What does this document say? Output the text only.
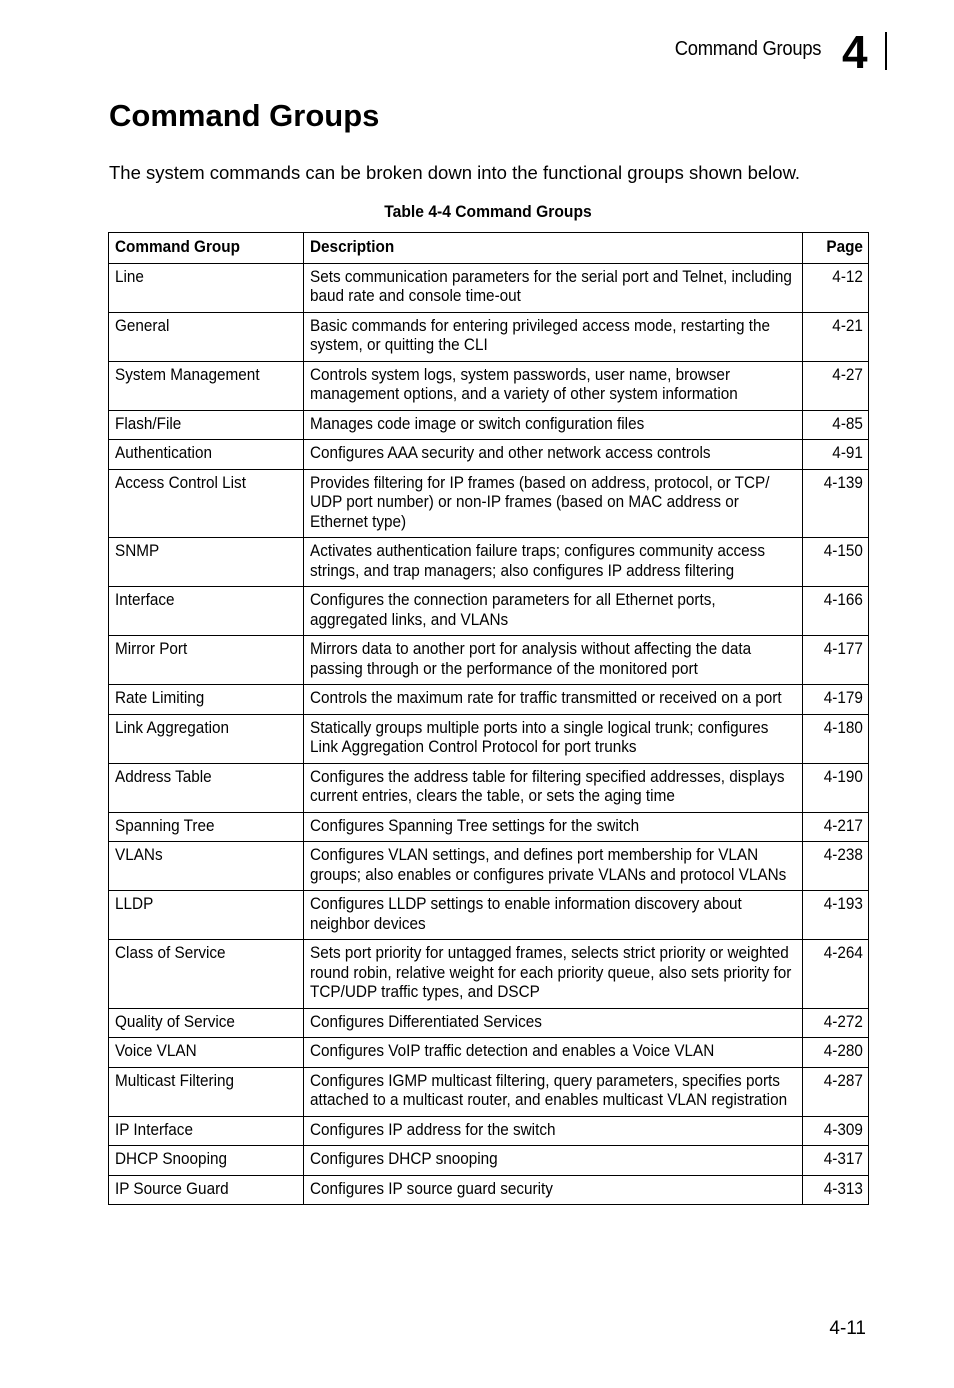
Command Groups 4
Command Groups

The system commands can be broken down into the functional groups shown below.

Table 4-4 Command Groups
Command Group	Description	Page

Line	Sets communication parameters for the serial port and Telnet, including baud rate and console time-out	4-12

General	Basic commands for entering privileged access mode, restarting the system, or quitting the CLI	4-21

System Management	Controls system logs, system passwords, user name, browser management options, and a variety of other system information	4-27

Flash/File	Manages code image or switch configuration files	4-85

Authentication	Configures AAA security and other network access controls	4-91

Access Control List	Provides filtering for IP frames (based on address, protocol, or TCP/ UDP port number) or non-IP frames (based on MAC address or Ethernet type)	4-139

SNMP	Activates authentication failure traps; configures community access strings, and trap managers; also configures IP address filtering	4-150

Interface	Configures the connection parameters for all Ethernet ports, aggregated links, and VLANs	4-166

Mirror Port	Mirrors data to another port for analysis without affecting the data passing through or the performance of the monitored port	4-177

Rate Limiting	Controls the maximum rate for traffic transmitted or received on a port	4-179

Link Aggregation	Statically groups multiple ports into a single logical trunk; configures Link Aggregation Control Protocol for port trunks	4-180

Address Table	Configures the address table for filtering specified addresses, displays current entries, clears the table, or sets the aging time	4-190

Spanning Tree	Configures Spanning Tree settings for the switch	4-217

VLANs	Configures VLAN settings, and defines port membership for VLAN groups; also enables or configures private VLANs and protocol VLANs	4-238

LLDP	Configures LLDP settings to enable information discovery about neighbor devices	4-193

Class of Service	Sets port priority for untagged frames, selects strict priority or weighted round robin, relative weight for each priority queue, also sets priority for TCP/UDP traffic types, and DSCP	4-264

Quality of Service	Configures Differentiated Services	4-272

Voice VLAN	Configures VoIP traffic detection and enables a Voice VLAN	4-280

Multicast Filtering	Configures IGMP multicast filtering, query parameters, specifies ports attached to a multicast router, and enables multicast VLAN registration	4-287

IP Interface	Configures IP address for the switch	4-309

DHCP Snooping	Configures DHCP snooping	4-317

IP Source Guard	Configures IP source guard security	4-313
4-11
